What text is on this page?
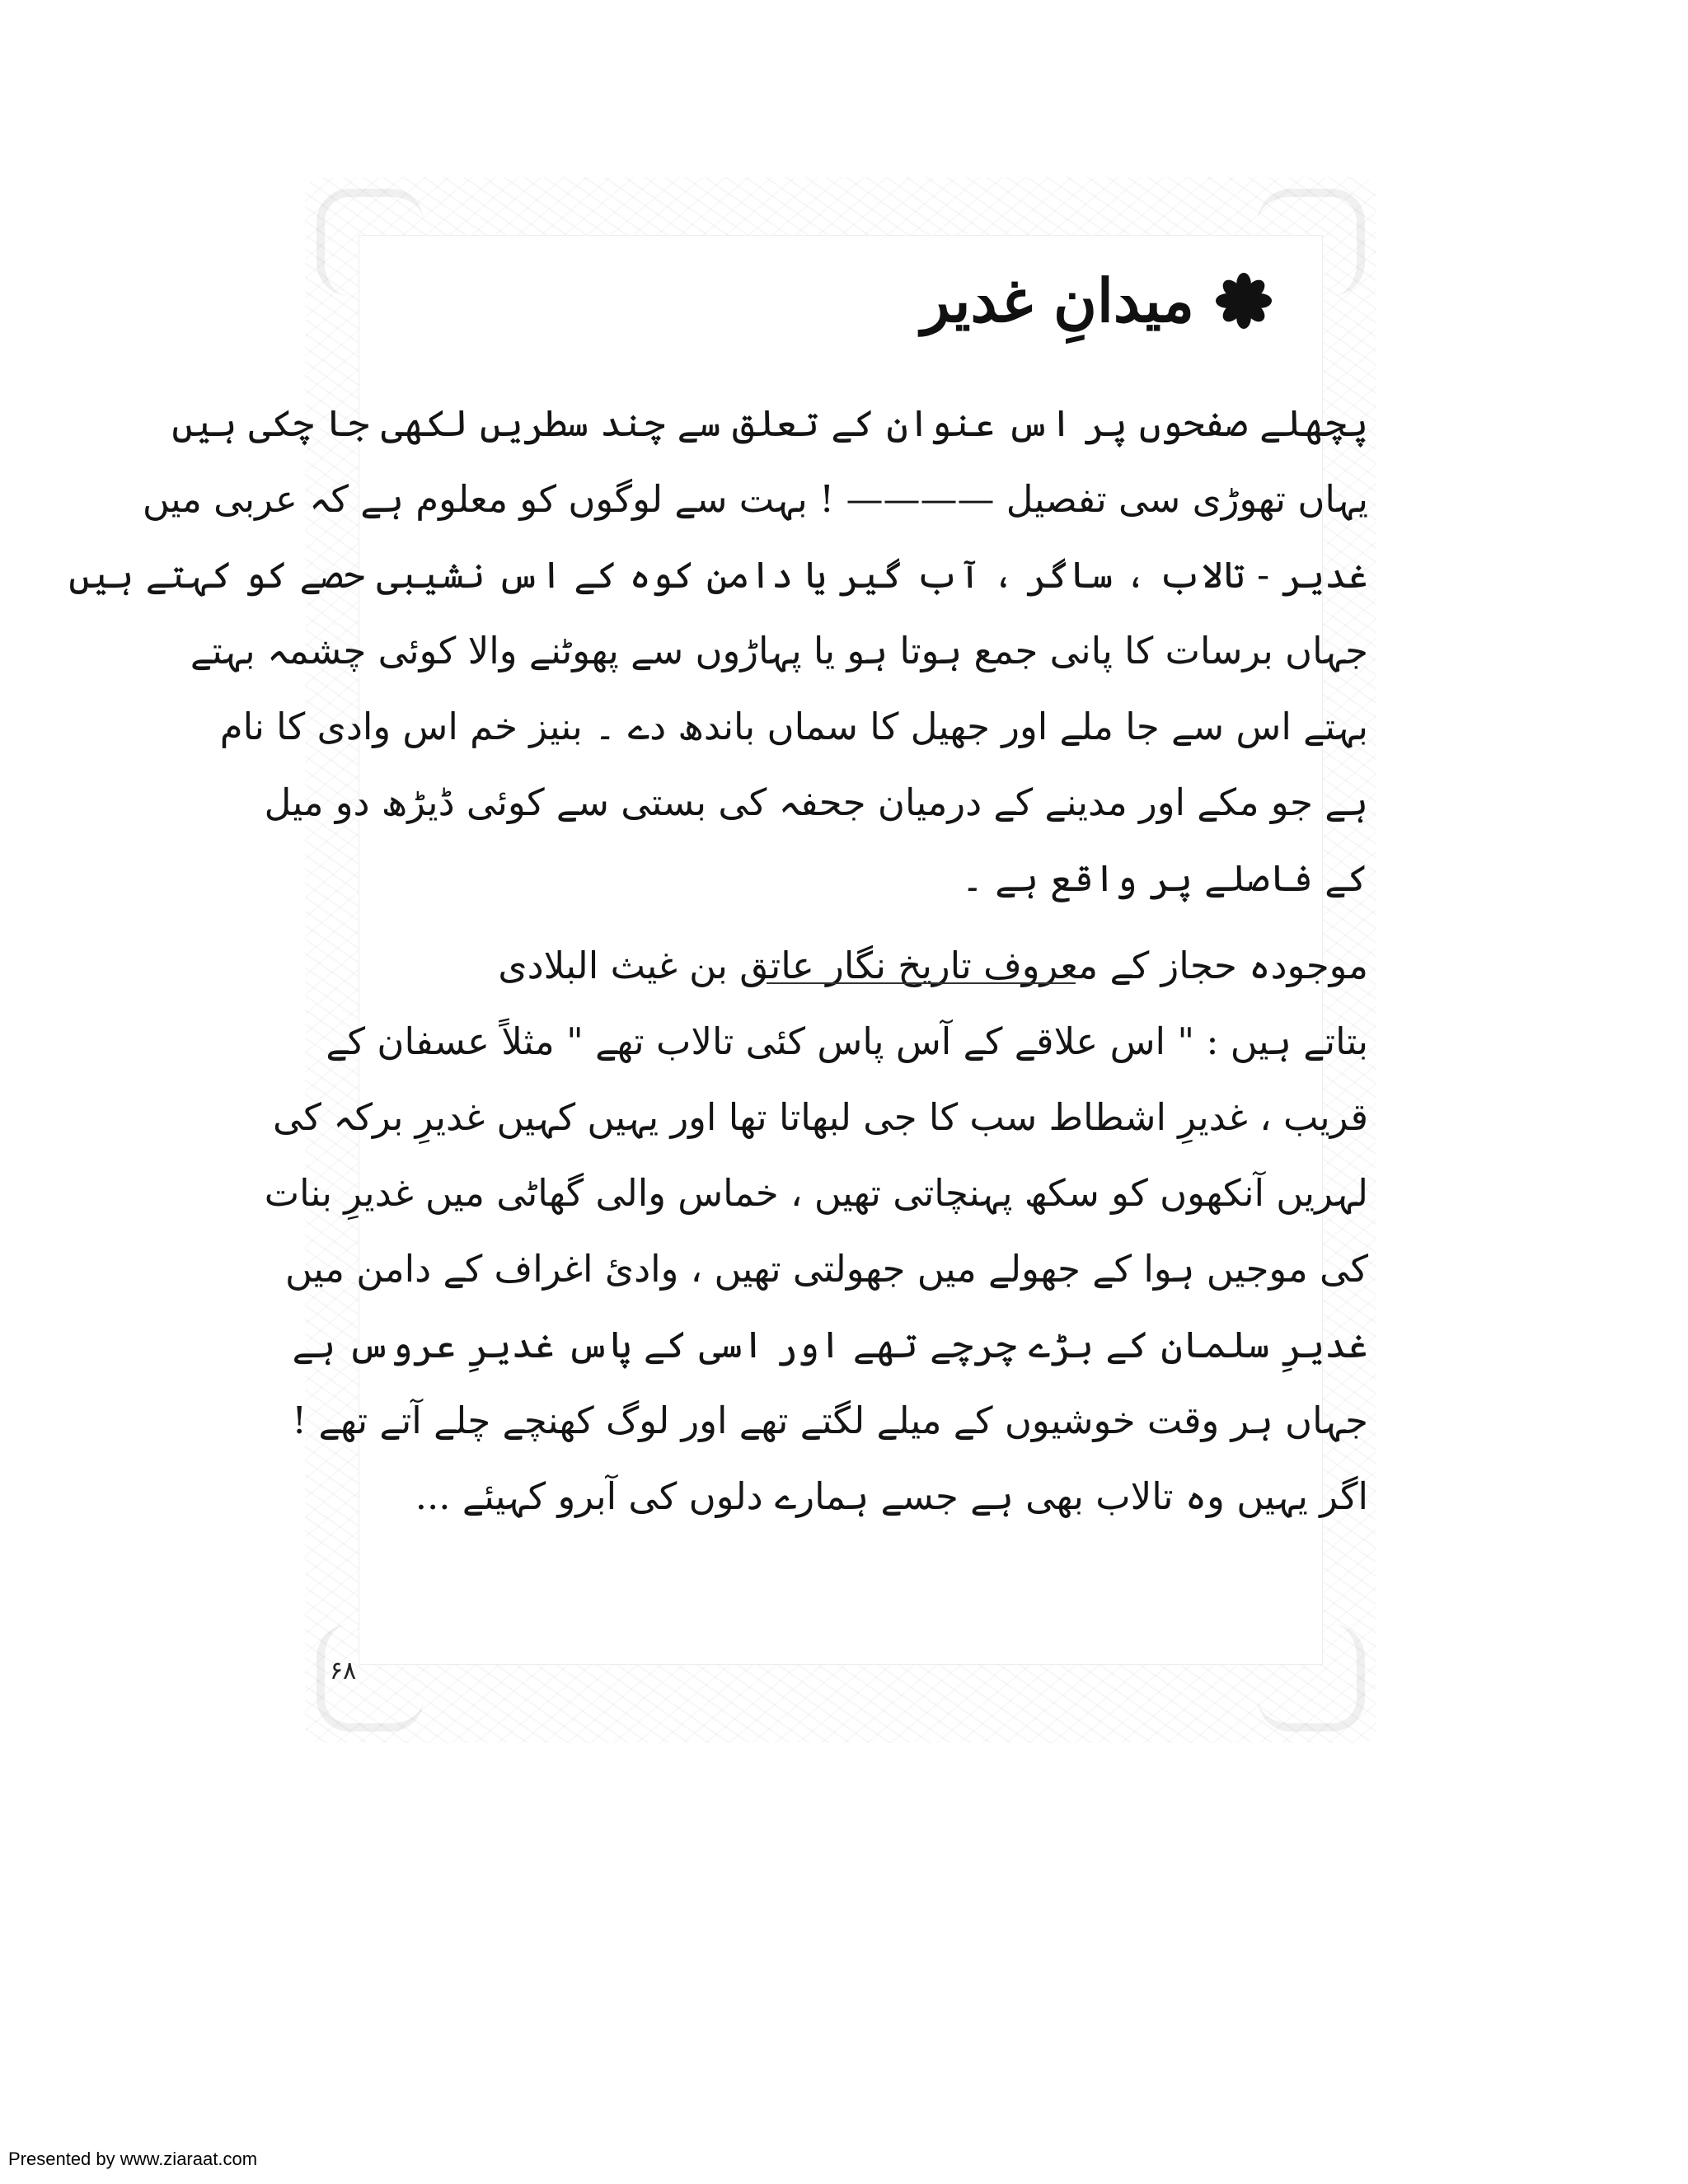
میدانِ غدیر

پچھلے صفحوں پر اس عنوان کے تعلق سے چند سطریں لکھی جا چکی ہیں

یہاں تھوڑی سی تفصیل ———— ! بہت سے لوگوں کو معلوم ہے کہ عربی میں

غدیر - تالاب ، ساگر ، آب گیر یا دامن کوہ کے اس نشیبی حصے کو کہتے ہیں

جہاں برسات کا پانی جمع ہوتا ہو یا پہاڑوں سے پھوٹنے والا کوئی چشمہ بہتے

بہتے اس سے جا ملے اور جھیل کا سماں باندھ دے ۔ بنیز خم اس وادی کا نام

ہے جو مکے اور مدینے کے درمیان جحفہ کی بستی سے کوئی ڈیڑھ دو میل

کے فاصلے پر واقع ہے ۔

موجودہ حجاز کے معروف تاریخ نگار عاتق بن غیث البلادی

بتاتے ہیں : " اس علاقے کے آس پاس کئی تالاب تھے " مثلاً عسفان کے

قریب ، غدیرِ اشطاط سب کا جی لبھاتا تھا اور یہیں کہیں غدیرِ برکہ کی

لہریں آنکھوں کو سکھ پہنچاتی تھیں ، خماس والی گھاٹی میں غدیرِ بنات

کی موجیں ہوا کے جھولے میں جھولتی تھیں ، وادیٔ اغراف کے دامن میں

غدیرِ سلمان کے بڑے چرچے تھے اور اسی کے پاس غدیرِ عروس ہے

جہاں ہر وقت خوشیوں کے میلے لگتے تھے اور لوگ کھنچے چلے آتے تھے !

اگر یہیں وہ تالاب بھی ہے جسے ہمارے دلوں کی آبرو کہیئے ...

۶۸
Presented by www.ziaraat.com
